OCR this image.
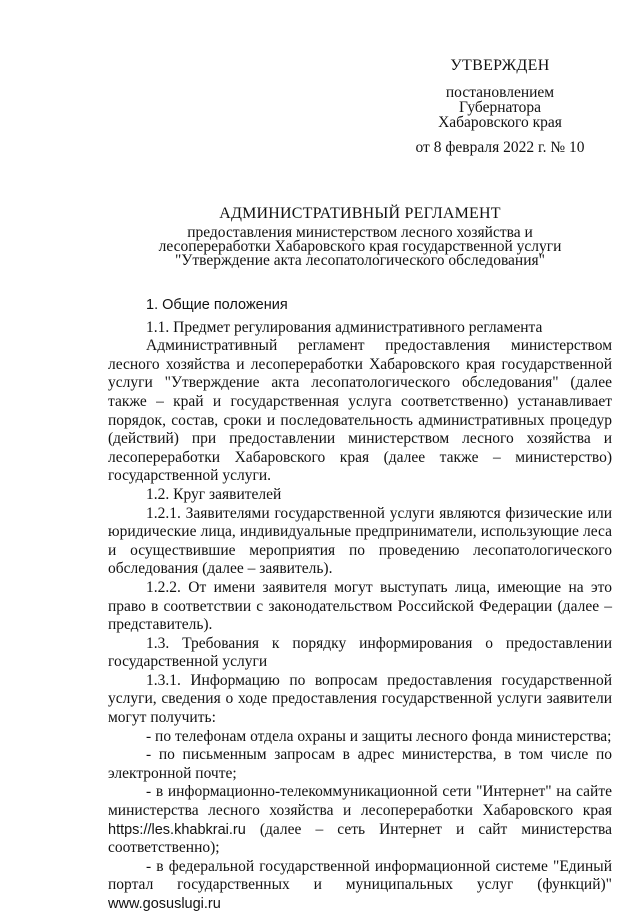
УТВЕРЖДЕН
постановлением
Губернатора
Хабаровского края
от 8 февраля 2022 г. № 10
АДМИНИСТРАТИВНЫЙ РЕГЛАМЕНТ
предоставления министерством лесного хозяйства и
лесопереработки Хабаровского края государственной услуги
"Утверждение акта лесопатологического обследования"

1. Общие положения

1.1. Предмет регулирования административного регламента

Административный регламент предоставления министерством лесного хозяйства и лесопереработки Хабаровского края государственной услуги "Утверждение акта лесопатологического обследования" (далее также – край и государственная услуга соответственно) устанавливает порядок, состав, сроки и последовательность административных процедур (действий) при предоставлении министерством лесного хозяйства и лесопереработки Хабаровского края (далее также – министерство) государственной услуги.

1.2. Круг заявителей

1.2.1. Заявителями государственной услуги являются физические или юридические лица, индивидуальные предприниматели, использующие леса и осуществившие мероприятия по проведению лесопатологического обследования (далее – заявитель).

1.2.2. От имени заявителя могут выступать лица, имеющие на это право в соответствии с законодательством Российской Федерации (далее – представитель).

1.3. Требования к порядку информирования о предоставлении государственной услуги

1.3.1. Информацию по вопросам предоставления государственной услуги, сведения о ходе предоставления государственной услуги заявители могут получить:

- по телефонам отдела охраны и защиты лесного фонда министерства;

- по письменным запросам в адрес министерства, в том числе по электронной почте;

- в информационно-телекоммуникационной сети "Интернет" на сайте министерства лесного хозяйства и лесопереработки Хабаровского края https://les.khabkrai.ru (далее – сеть Интернет и сайт министерства соответственно);

- в федеральной государственной информационной системе "Единый портал государственных и муниципальных услуг (функций)" www.gosuslugi.ru
